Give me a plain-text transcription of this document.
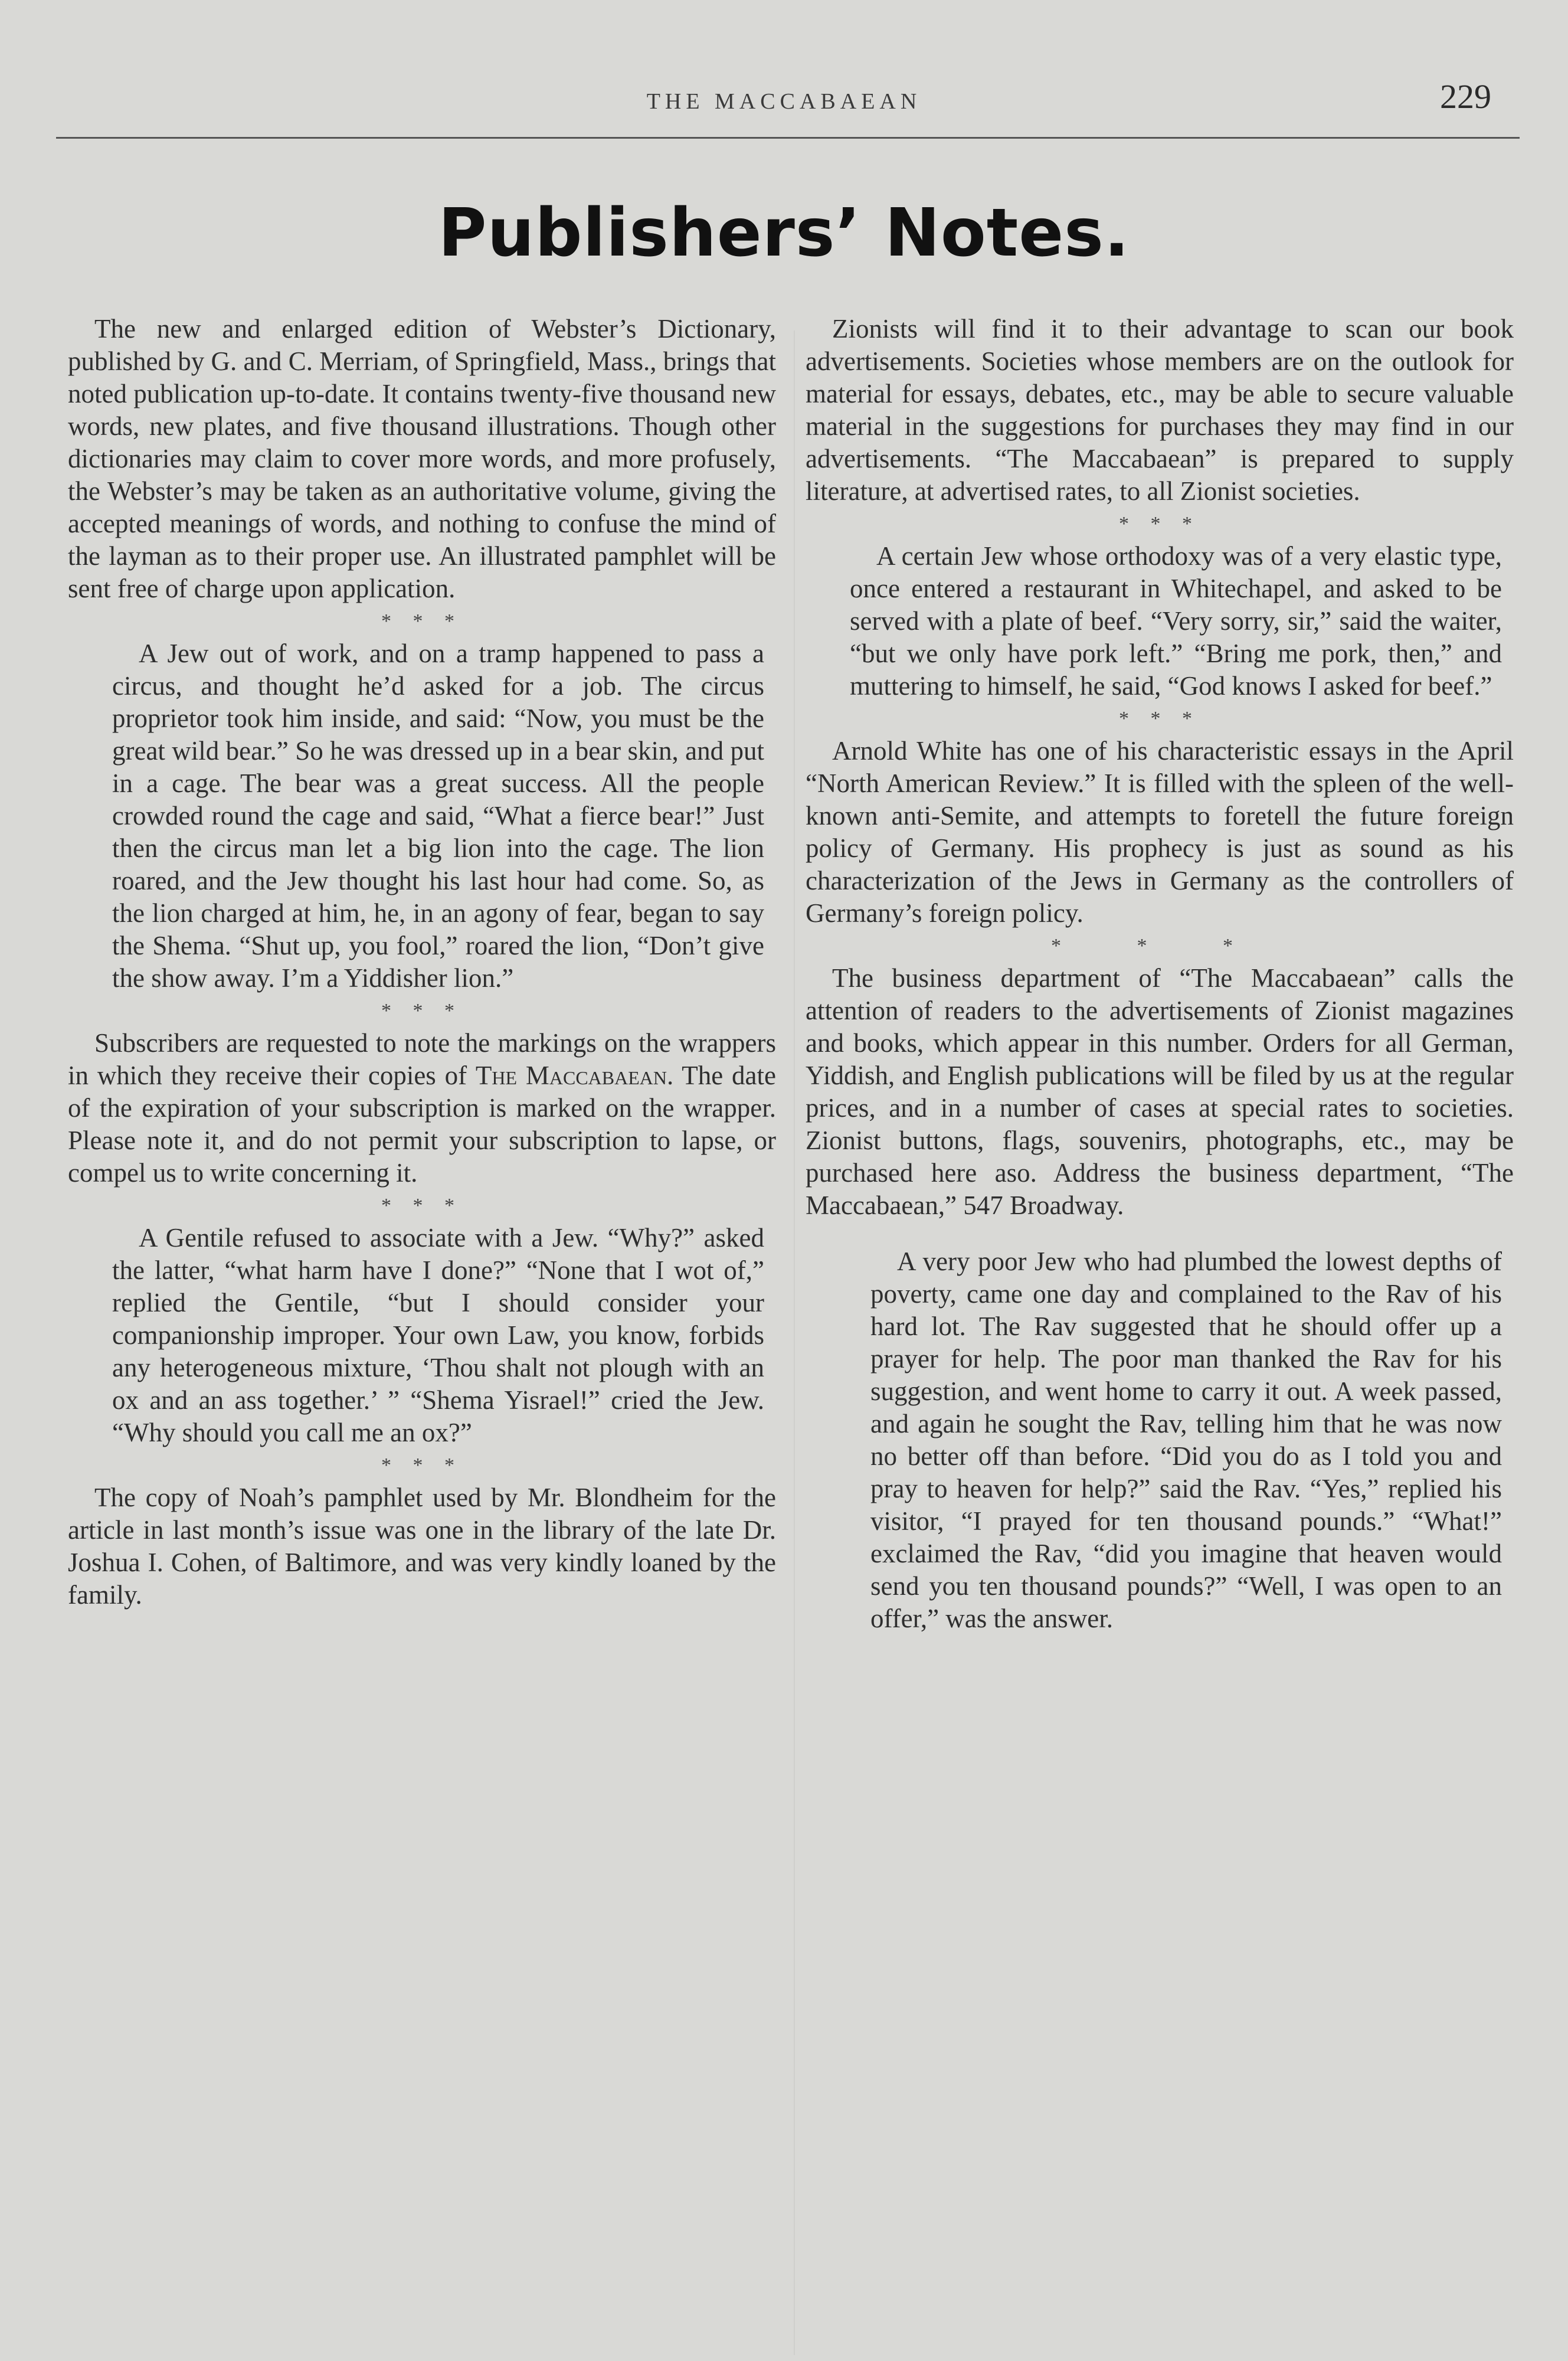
THE MACCABAEAN	229
Publishers’ Notes.

The new and enlarged edition of Webster’s Dictionary, published by G. and C. Merriam, of Springfield, Mass., brings that noted publication up-to-date. It contains twenty-five thousand new words, new plates, and five thousand illustrations. Though other dictionaries may claim to cover more words, and more profusely, the Webster’s may be taken as an authoritative volume, giving the accepted meanings of words, and nothing to confuse the mind of the layman as to their proper use. An illustrated pamphlet will be sent free of charge upon application.

* * *

A Jew out of work, and on a tramp happened to pass a circus, and thought he’d asked for a job. The circus proprietor took him inside, and said: “Now, you must be the great wild bear.” So he was dressed up in a bear skin, and put in a cage. The bear was a great success. All the people crowded round the cage and said, “What a fierce bear!” Just then the circus man let a big lion into the cage. The lion roared, and the Jew thought his last hour had come. So, as the lion charged at him, he, in an agony of fear, began to say the Shema. “Shut up, you fool,” roared the lion, “Don’t give the show away. I’m a Yiddisher lion.”

* * *

Subscribers are requested to note the markings on the wrappers in which they receive their copies of The Maccabaean. The date of the expiration of your subscription is marked on the wrapper. Please note it, and do not permit your subscription to lapse, or compel us to write concerning it.

* * *

A Gentile refused to associate with a Jew. “Why?” asked the latter, “what harm have I done?” “None that I wot of,” replied the Gentile, “but I should consider your companionship improper. Your own Law, you know, forbids any heterogeneous mixture, ‘Thou shalt not plough with an ox and an ass together.’ ” “Shema Yisrael!” cried the Jew. “Why should you call me an ox?”

* * *

The copy of Noah’s pamphlet used by Mr. Blondheim for the article in last month’s issue was one in the library of the late Dr. Joshua I. Cohen, of Baltimore, and was very kindly loaned by the family.

Zionists will find it to their advantage to scan our book advertisements. Societies whose members are on the outlook for material for essays, debates, etc., may be able to secure valuable material in the suggestions for purchases they may find in our advertisements. “The Maccabaean” is prepared to supply literature, at advertised rates, to all Zionist societies.

* * *

A certain Jew whose orthodoxy was of a very elastic type, once entered a restaurant in Whitechapel, and asked to be served with a plate of beef. “Very sorry, sir,” said the waiter, “but we only have pork left.” “Bring me pork, then,” and muttering to himself, he said, “God knows I asked for beef.”

* * *

Arnold White has one of his characteristic essays in the April “North American Review.” It is filled with the spleen of the well-known anti-Semite, and attempts to foretell the future foreign policy of Germany. His prophecy is just as sound as his characterization of the Jews in Germany as the controllers of Germany’s foreign policy.

* * *

The business department of “The Maccabaean” calls the attention of readers to the advertisements of Zionist magazines and books, which appear in this number. Orders for all German, Yiddish, and English publications will be filed by us at the regular prices, and in a number of cases at special rates to societies. Zionist buttons, flags, souvenirs, photographs, etc., may be purchased here aso. Address the business department, “The Maccabaean,” 547 Broadway.

A very poor Jew who had plumbed the lowest depths of poverty, came one day and complained to the Rav of his hard lot. The Rav suggested that he should offer up a prayer for help. The poor man thanked the Rav for his suggestion, and went home to carry it out. A week passed, and again he sought the Rav, telling him that he was now no better off than before. “Did you do as I told you and pray to heaven for help?” said the Rav. “Yes,” replied his visitor, “I prayed for ten thousand pounds.” “What!” exclaimed the Rav, “did you imagine that heaven would send you ten thousand pounds?” “Well, I was open to an offer,” was the answer.
